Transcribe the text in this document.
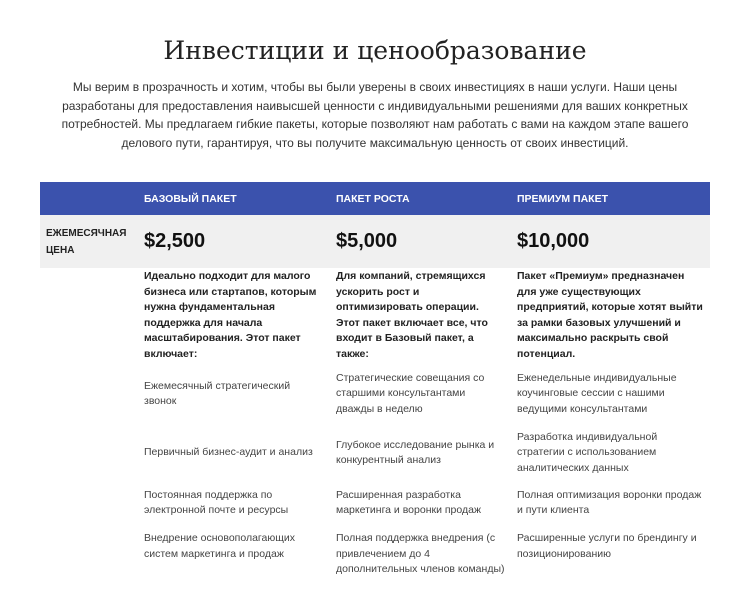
Инвестиции и ценообразование

Мы верим в прозрачность и хотим, чтобы вы были уверены в своих инвестициях в наши услуги. Наши цены разработаны для предоставления наивысшей ценности с индивидуальными решениями для ваших конкретных потребностей. Мы предлагаем гибкие пакеты, которые позволяют нам работать с вами на каждом этапе вашего делового пути, гарантируя, что вы получите максимальную ценность от своих инвестиций.

	БАЗОВЫЙ ПАКЕТ	ПАКЕТ РОСТА	ПРЕМИУМ ПАКЕТ
ЕЖЕМЕСЯЧНАЯ ЦЕНА	$2,500	$5,000	$10,000
	Идеально подходит для малого бизнеса или стартапов, которым нужна фундаментальная поддержка для начала масштабирования. Этот пакет включает:	Для компаний, стремящихся ускорить рост и оптимизировать операции. Этот пакет включает все, что входит в Базовый пакет, а также:	Пакет «Премиум» предназначен для уже существующих предприятий, которые хотят выйти за рамки базовых улучшений и максимально раскрыть свой потенциал.
	Ежемесячный стратегический звонок	Стратегические совещания со старшими консультантами дважды в неделю	Еженедельные индивидуальные коучинговые сессии с нашими ведущими консультантами
	Первичный бизнес-аудит и анализ	Глубокое исследование рынка и конкурентный анализ	Разработка индивидуальной стратегии с использованием аналитических данных
	Постоянная поддержка по электронной почте и ресурсы	Расширенная разработка маркетинга и воронки продаж	Полная оптимизация воронки продаж и пути клиента
	Внедрение основополагающих систем маркетинга и продаж	Полная поддержка внедрения (с привлечением до 4 дополнительных членов команды)	Расширенные услуги по брендингу и позиционированию
